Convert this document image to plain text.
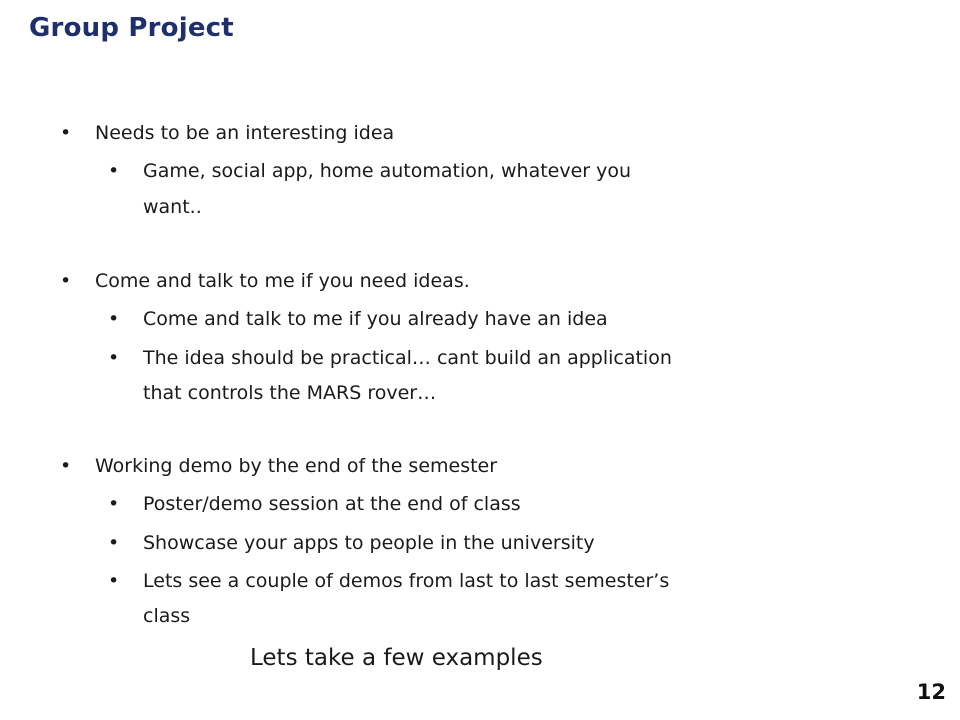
Group Project
• Needs to be an interesting idea
• Game, social app, home automation, whatever you
want..
• Come and talk to me if you need ideas.
• Come and talk to me if you already have an idea
• The idea should be practical… cant build an application
that controls the MARS rover…
• Working demo by the end of the semester
• Poster/demo session at the end of class
• Showcase your apps to people in the university
• Lets see a couple of demos from last to last semester’s
class
Lets take a few examples
12
